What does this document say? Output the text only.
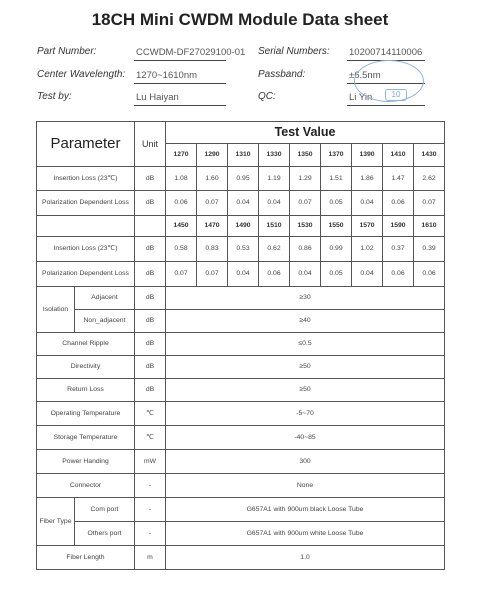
18CH Mini CWDM Module Data sheet
Part Number:	CCWDM-DF27029100-01 Serial Numbers: 10200714110006
Center Wavelength: 1270~1610nm	Passband:	±6.5nm
Test by:	Lu Haiyan	QC:	Li Yin	10
Parameter		Unit	Test Value								
			1270	1290	1310	1330	1350	1370	1390	1410	1430
Insertion Loss (23℃)		dB	1.08	1.60	0.95	1.19	1.29	1.51	1.86	1.47	2.62
Polarization Dependent Loss		dB	0.06	0.07	0.04	0.04	0.07	0.05	0.04	0.06	0.07
			1450	1470	1490	1510	1530	1550	1570	1590	1610
Insertion Loss (23℃)		dB	0.58	0.83	0.53	0.62	0.86	0.99	1.02	0.37	0.39
Polarization Dependent Loss		dB	0.07	0.07	0.04	0.06	0.04	0.05	0.04	0.06	0.06
Isolation	Adjacent	dB	≥30								
	Non_adjacent	dB	≥40								
Channel Ripple		dB	≤0.5								
Directivity		dB	≥50								
Return Loss		dB	≥50								
Operating Temperature		℃	-5~70								
Storage Temperature		℃	-40~85								
Power Handing		mW	300								
Connector		-	None								
Fiber Type	Com port	-	G657A1 with 900um black Loose Tube								
	Others port	-	G657A1 with 900um white Loose Tube								
Fiber Length		m	1.0								
